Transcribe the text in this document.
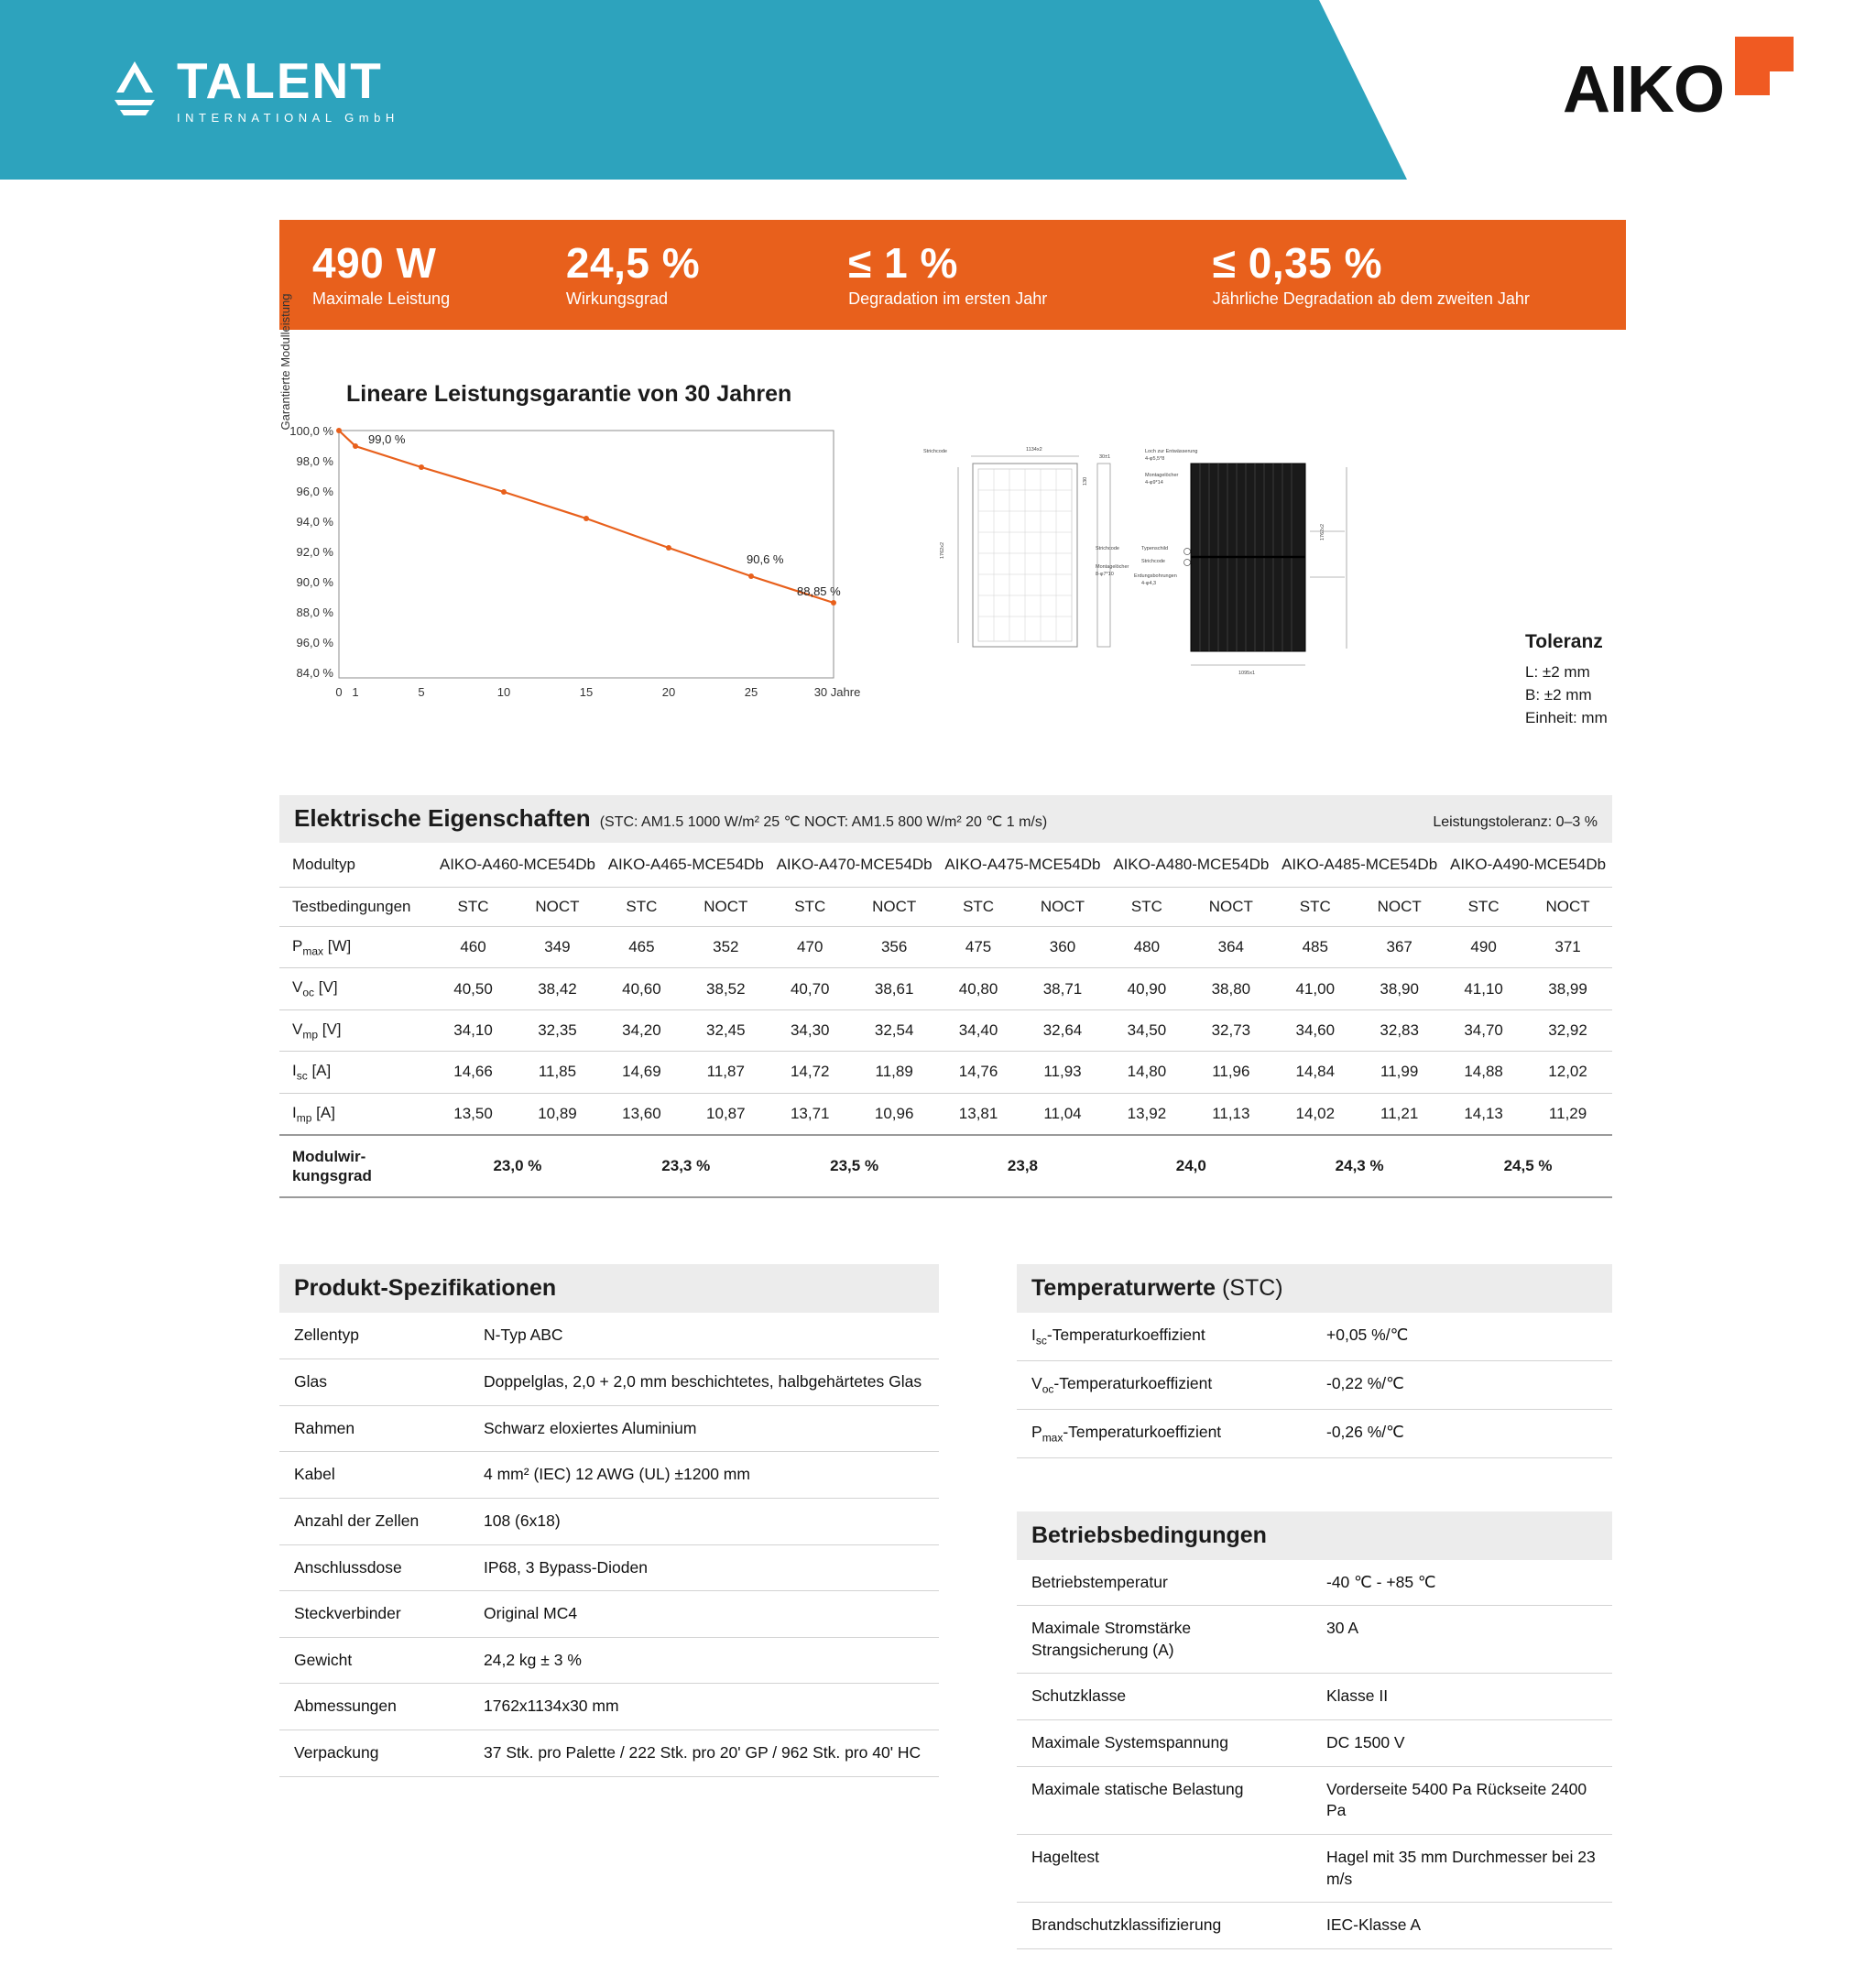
TALENT
INTERNATIONAL GmbH	AIKO
490 W
Maximale Leistung
24,5 %
Wirkungsgrad
≤ 1 %
Degradation im ersten Jahr
≤ 0,35 %
Jährliche Degradation ab dem zweiten Jahr
Lineare Leistungsgarantie von 30 Jahren
Garantierte Modulleistung
100,0 %
98,0 %
96,0 %
94,0 %
92,0 %
90,0 %
88,0 %
96,0 %
84,0 %
0 1	5	10	15	20	25	30 Jahre
99,0 %
90,6 %
88,85 %
Strichcode	1134x2
1762x2
30±1
130
Strichcode
Montagelöcher
8-φ7*10
Loch zur Entwässerung
4-φ5,5*8
Montagelöcher
4-φ9*14
Typenschild
Strichcode
Erdungsbohrungen
4-φ4,3
1762x2
1095x1
Toleranz
L: ±2 mm
B: ±2 mm
Einheit: mm
Elektrische Eigenschaften (STC: AM1.5 1000 W/m² 25 ℃ NOCT: AM1.5 800 W/m² 20 ℃ 1 m/s)	Leistungstoleranz: 0–3 %
Modultyp	AIKO-A460-MCE54Db		AIKO-A465-MCE54Db		AIKO-A470-MCE54Db		AIKO-A475-MCE54Db		AIKO-A480-MCE54Db		AIKO-A485-MCE54Db		AIKO-A490-MCE54Db	
Testbedingungen	STC	NOCT	STC	NOCT	STC	NOCT	STC	NOCT	STC	NOCT	STC	NOCT	STC	NOCT
$P_{max}$ [W]	460	349	465	352	470	356	475	360	480	364	485	367	490	371
$V_{oc}$ [V]	40,50	38,42	40,60	38,52	40,70	38,61	40,80	38,71	40,90	38,80	41,00	38,90	41,10	38,99
$V_{mp}$ [V]	34,10	32,35	34,20	32,45	34,30	32,54	34,40	32,64	34,50	32,73	34,60	32,83	34,70	32,92
$I_{sc}$ [A]	14,66	11,85	14,69	11,87	14,72	11,89	14,76	11,93	14,80	11,96	14,84	11,99	14,88	12,02
$I_{mp}$ [A]	13,50	10,89	13,60	10,87	13,71	10,96	13,81	11,04	13,92	11,13	14,02	11,21	14,13	11,29
Modulwir-
kungsgrad	23,0 %		23,3 %		23,5 %		23,8		24,0		24,3 %		24,5 %	
Produkt-Spezifikationen
Zellentyp	N-Typ ABC
Glas	Doppelglas, 2,0 + 2,0 mm beschichtetes, halbgehärtetes Glas
Rahmen	Schwarz eloxiertes Aluminium
Kabel	4 mm² (IEC) 12 AWG (UL) ±1200 mm
Anzahl der Zellen	108 (6x18)
Anschlussdose	IP68, 3 Bypass-Dioden
Steckverbinder	Original MC4
Gewicht	24,2 kg ± 3 %
Abmessungen	1762x1134x30 mm
Verpackung	37 Stk. pro Palette / 222 Stk. pro 20' GP / 962 Stk. pro 40' HC
Temperaturwerte (STC)
$I_{sc}$-Temperaturkoeffizient	+0,05 %/℃
$V_{oc}$-Temperaturkoeffizient	-0,22 %/℃
$P_{max}$-Temperaturkoeffizient	-0,26 %/℃
Betriebsbedingungen
Betriebstemperatur	-40 ℃ - +85 ℃
Maximale Stromstärke Strangsicherung (A)	30 A
Schutzklasse	Klasse II
Maximale Systemspannung	DC 1500 V
Maximale statische Belastung	Vorderseite 5400 Pa Rückseite 2400 Pa
Hageltest	Hagel mit 35 mm Durchmesser bei 23 m/s
Brandschutzklassifizierung	IEC-Klasse A
